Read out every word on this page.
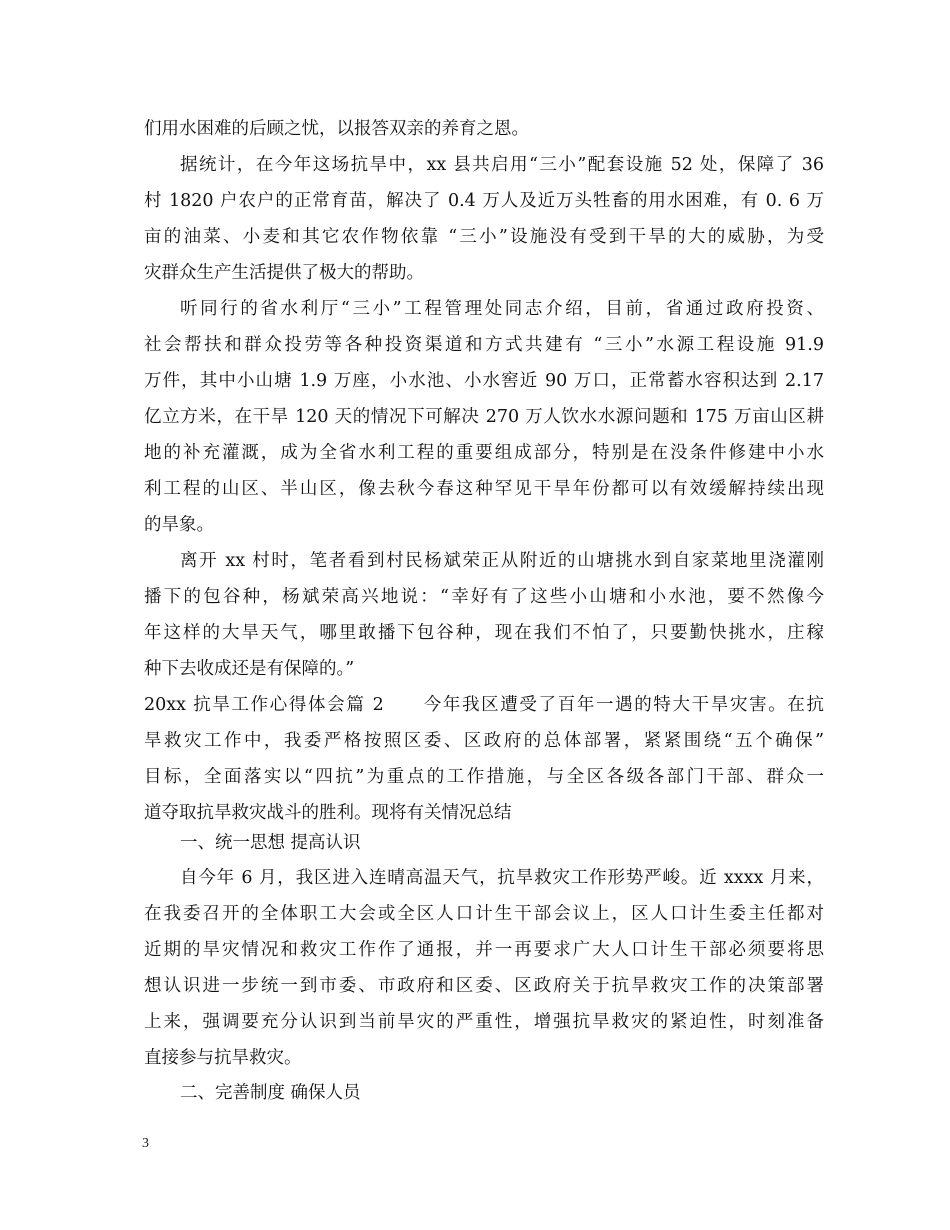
们用水困难的后顾之忧，以报答双亲的养育之恩。
据统计，在今年这场抗旱中，xx 县共启用“三小”配套设施 52 处，保障了 36
村 1820 户农户的正常育苗，解决了 0.4 万人及近万头牲畜的用水困难，有 0. 6 万
亩的油菜、小麦和其它农作物依靠 “三小”设施没有受到干旱的大的威胁，为受
灾群众生产生活提供了极大的帮助。
听同行的省水利厅“三小”工程管理处同志介绍，目前，省通过政府投资、
社会帮扶和群众投劳等各种投资渠道和方式共建有 “三小”水源工程设施 91.9
万件，其中小山塘 1.9 万座，小水池、小水窖近 90 万口，正常蓄水容积达到 2.17
亿立方米，在干旱 120 天的情况下可解决 270 万人饮水水源问题和 175 万亩山区耕
地的补充灌溉，成为全省水利工程的重要组成部分，特别是在没条件修建中小水
利工程的山区、半山区，像去秋今春这种罕见干旱年份都可以有效缓解持续出现
的旱象。
离开 xx 村时，笔者看到村民杨斌荣正从附近的山塘挑水到自家菜地里浇灌刚
播下的包谷种，杨斌荣高兴地说：“幸好有了这些小山塘和小水池，要不然像今
年这样的大旱天气，哪里敢播下包谷种，现在我们不怕了，只要勤快挑水，庄稼
种下去收成还是有保障的。”
20xx 抗旱工作心得体会篇 2　　今年我区遭受了百年一遇的特大干旱灾害。在抗
旱救灾工作中，我委严格按照区委、区政府的总体部署，紧紧围绕“五个确保”
目标，全面落实以“四抗”为重点的工作措施，与全区各级各部门干部、群众一
道夺取抗旱救灾战斗的胜利。现将有关情况总结
一、统一思想 提高认识
自今年 6 月，我区进入连晴高温天气，抗旱救灾工作形势严峻。近 xxxx 月来，
在我委召开的全体职工大会或全区人口计生干部会议上，区人口计生委主任都对
近期的旱灾情况和救灾工作作了通报，并一再要求广大人口计生干部必须要将思
想认识进一步统一到市委、市政府和区委、区政府关于抗旱救灾工作的决策部署
上来，强调要充分认识到当前旱灾的严重性，增强抗旱救灾的紧迫性，时刻准备
直接参与抗旱救灾。
二、完善制度 确保人员
3
